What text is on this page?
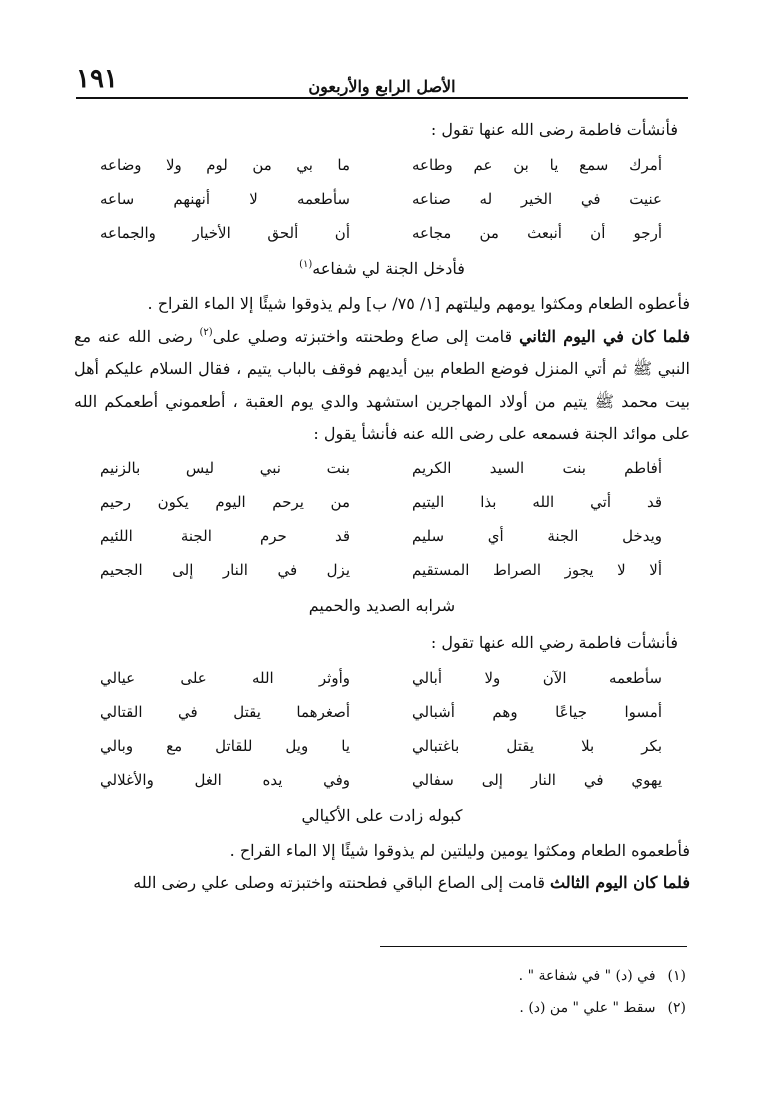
الأصل الرابع والأربعون
١٩١
فأنشأت فاطمة رضى الله عنها تقول :
أمرك سمع يا بن عم وطاعه
ما بي من لوم ولا وضاعه
عنيت في الخير له صناعه
سأطعمه لا أنهنهم ساعه
أرجو أن أنبعث من مجاعه
أن ألحق الأخيار والجماعه
فأدخل الجنة لي شفاعه$^{(١)}$

فأعطوه الطعام ومكثوا يومهم وليلتهم [١/ ٧٥/ ب] ولم يذوقوا شيئًا إلا الماء القراح .

فلما كان في اليوم الثاني قامت إلى صاع وطحنته واختبزته وصلي على$^{(٢)}$ رضى الله عنه مع النبي ﷺ ثم أتي المنزل فوضع الطعام بين أيديهم فوقف بالباب يتيم ، فقال السلام عليكم أهل بيت محمد ﷺ يتيم من أولاد المهاجرين استشهد والدي يوم العقبة ، أطعموني أطعمكم الله على موائد الجنة فسمعه على رضى الله عنه فأنشأ يقول :

أفاطم بنت السيد الكريم
بنت نبي ليس بالزنيم
قد أتي الله بذا اليتيم
من يرحم اليوم يكون رحيم
ويدخل الجنة أي سليم
قد حرم الجنة اللئيم
ألا لا يجوز الصراط المستقيم
يزل في النار إلى الجحيم
شرابه الصديد والحميم
فأنشأت فاطمة رضي الله عنها تقول :
سأطعمه الآن ولا أبالي
وأوثر الله على عيالي
أمسوا جياعًا وهم أشبالي
أصغرهما يقتل في القتالي
بكر بلا يقتل باغتبالي
يا ويل للقاتل مع وبالي
يهوي في النار إلى سفالي
وفي يده الغل والأغلالي
كبوله زادت على الأكيالي

فأطعموه الطعام ومكثوا يومين وليلتين لم يذوقوا شيئًا إلا الماء القراح .

فلما كان اليوم الثالث قامت إلى الصاع الباقي فطحنته واختبزته وصلى علي رضى الله

(١)في (د) " في شفاعة " .
(٢)سقط " علي " من (د) .
